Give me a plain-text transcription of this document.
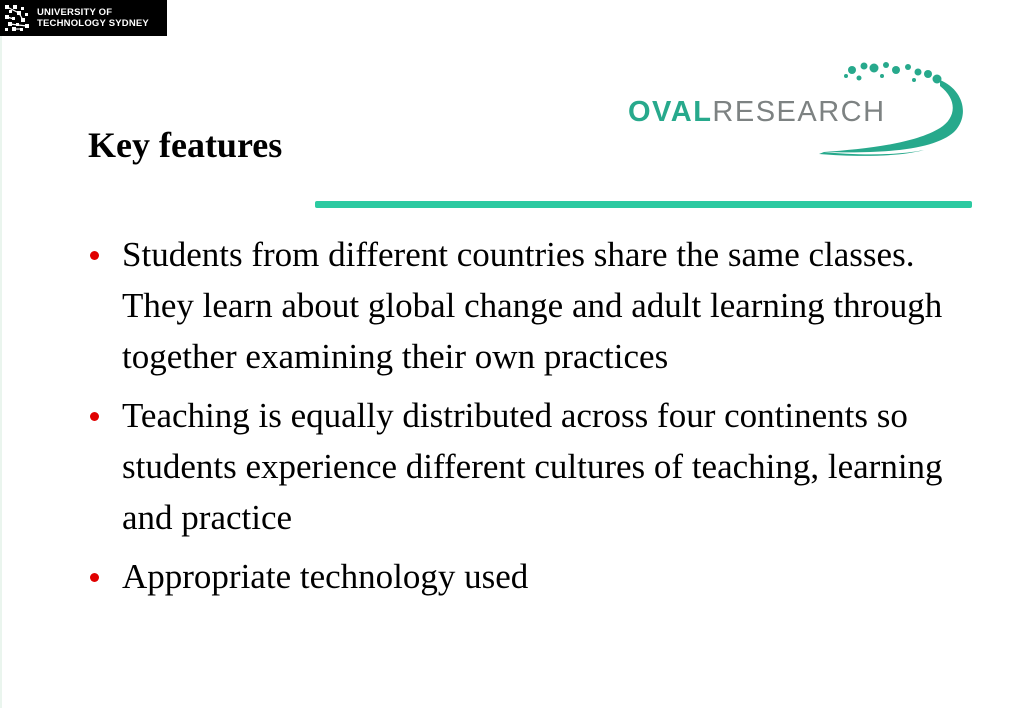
UNIVERSITY OF
TECHNOLOGY SYDNEY
OVALRESEARCH
Key features
Students from different countries share the same classes. They learn about global change and adult learning through together examining their own practices
Teaching is equally distributed across four continents so students experience different cultures of teaching, learning and practice
Appropriate technology used
